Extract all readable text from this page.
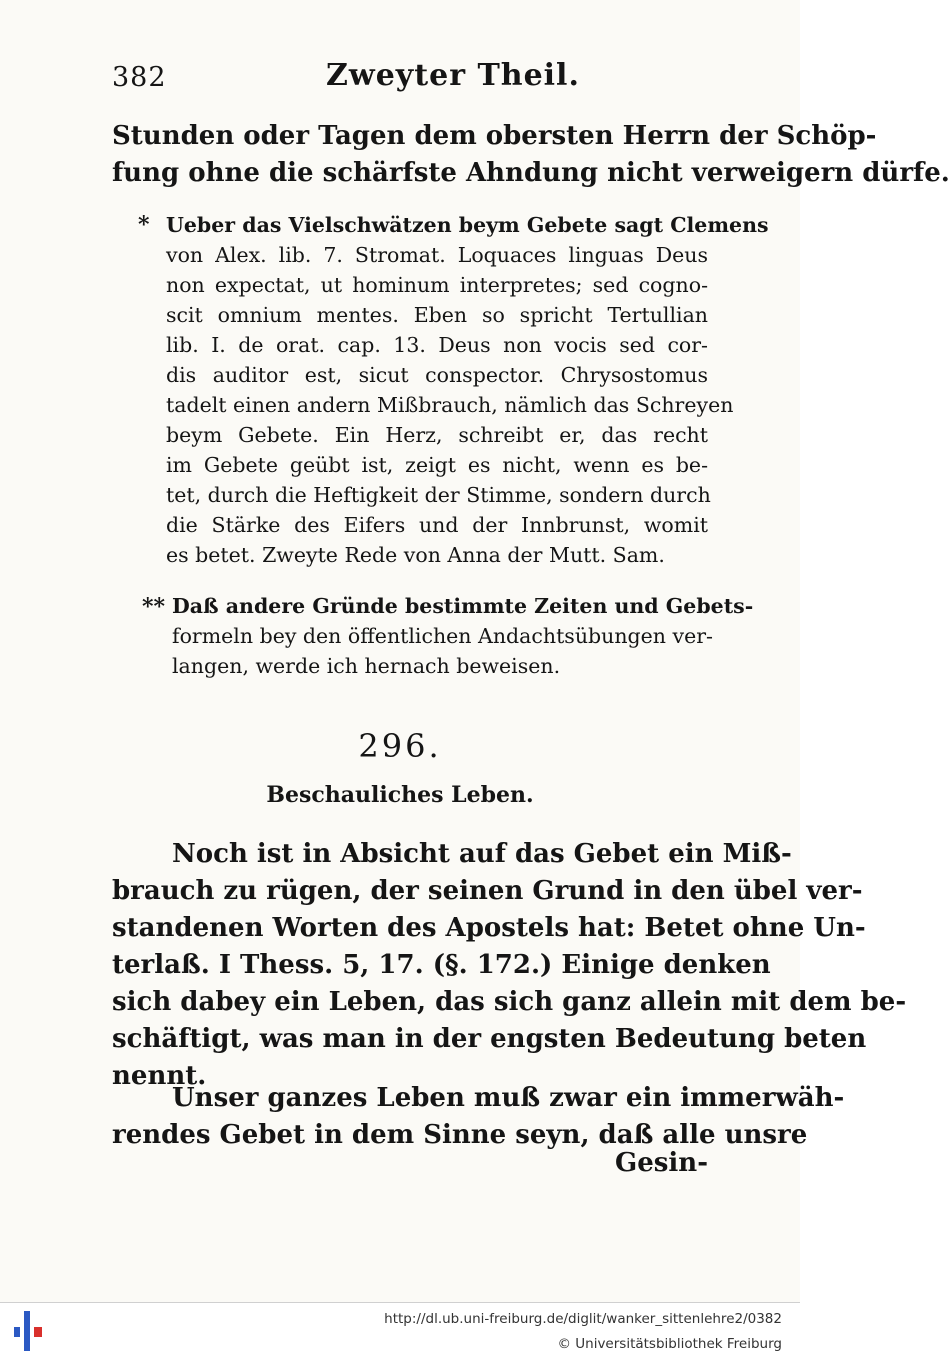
382	Zweyter Theil.
Stunden oder Tagen dem obersten Herrn der Schöp-
fung ohne die schärfste Ahndung nicht verweigern dürfe.
* Ueber das Vielschwätzen beym Gebete sagt Clemens
von Alex. lib. 7. Stromat. Loquaces linguas Deus
non expectat, ut hominum interpretes; sed cogno-
scit omnium mentes. Eben so spricht Tertullian
lib. I. de orat. cap. 13. Deus non vocis sed cor-
dis auditor est, sicut conspector. Chrysostomus
tadelt einen andern Mißbrauch, nämlich das Schreyen
beym Gebete. Ein Herz, schreibt er, das recht
im Gebete geübt ist, zeigt es nicht, wenn es be-
tet, durch die Heftigkeit der Stimme, sondern durch
die Stärke des Eifers und der Innbrunst, womit
es betet. Zweyte Rede von Anna der Mutt. Sam.
** Daß andere Gründe bestimmte Zeiten und Gebets-
formeln bey den öffentlichen Andachtsübungen ver-
langen, werde ich hernach beweisen.
296.
Beschauliches Leben.
Noch ist in Absicht auf das Gebet ein Miß-
brauch zu rügen, der seinen Grund in den übel ver-
standenen Worten des Apostels hat: Betet ohne Un-
terlaß. I Thess. 5, 17. (§. 172.) Einige denken
sich dabey ein Leben, das sich ganz allein mit dem be-
schäftigt, was man in der engsten Bedeutung beten
nennt.
Unser ganzes Leben muß zwar ein immerwäh-
rendes Gebet in dem Sinne seyn, daß alle unsre
Gesin-
http://dl.ub.uni-freiburg.de/diglit/wanker_sittenlehre2/0382
© Universitätsbibliothek Freiburg
